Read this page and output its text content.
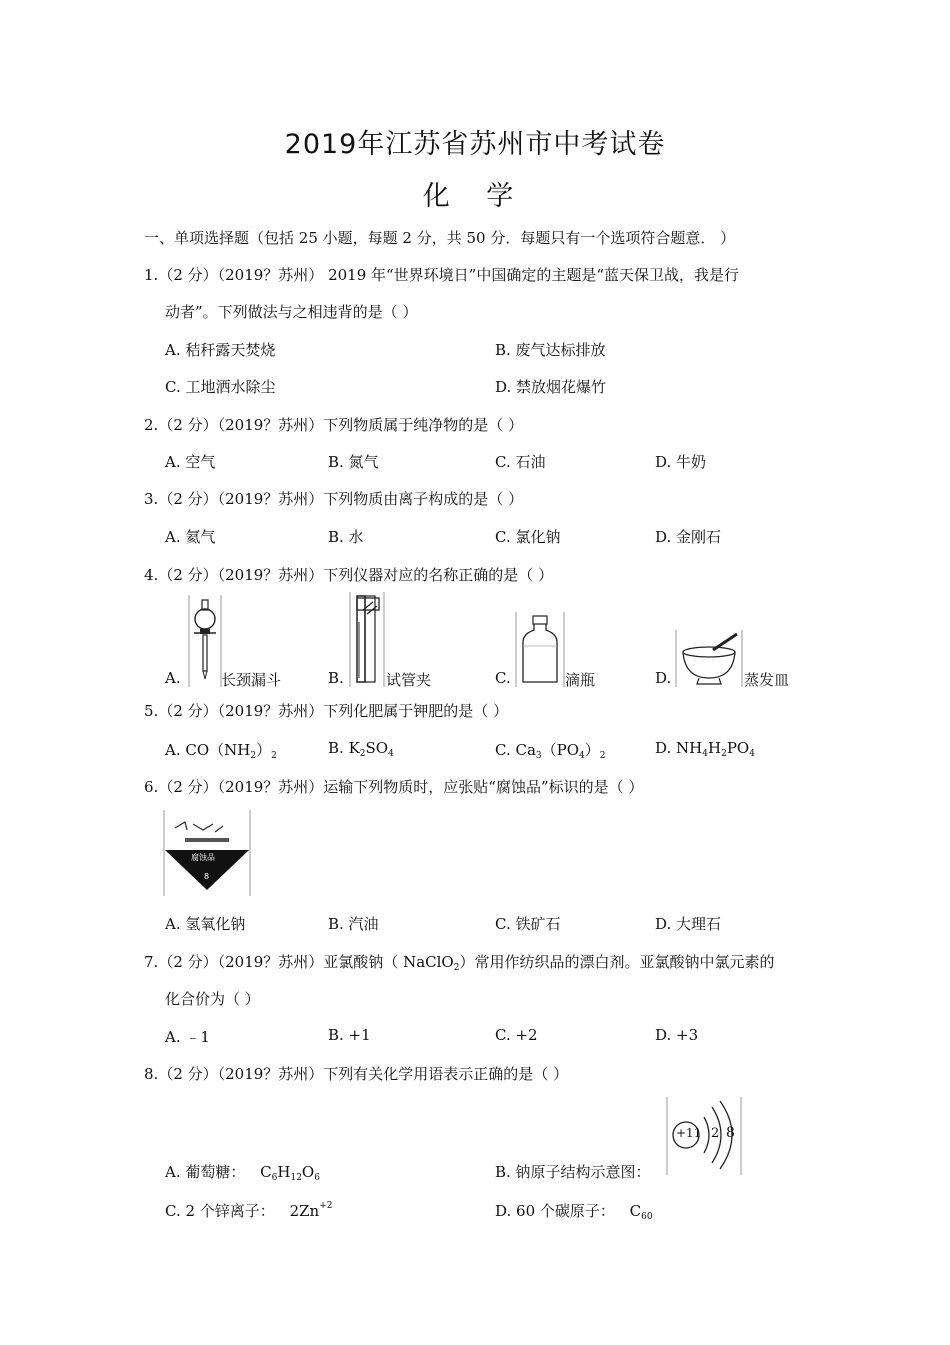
2019年江苏省苏州市中考试卷
化 学
一、单项选择题（包括 25 小题，每题 2 分，共 50 分．每题只有一个选项符合题意． ）
1.（2 分）（2019？苏州） 2019 年“世界环境日”中国确定的主题是“蓝天保卫战，我是行
动者”。下列做法与之相违背的是（ ）
A. 秸秆露天焚烧	B. 废气达标排放
C. 工地洒水除尘	D. 禁放烟花爆竹
2.（2 分）（2019？苏州）下列物质属于纯净物的是（ ）
A. 空气	B. 氮气	C. 石油	D. 牛奶
3.（2 分）（2019？苏州）下列物质由离子构成的是（ ）
A. 氦气	B. 水	C. 氯化钠	D. 金刚石
4.（2 分）（2019？苏州）下列仪器对应的名称正确的是（ ）
A.	长颈漏斗	B.	试管夹	C.	滴瓶	D.	蒸发皿
5.（2 分）（2019？苏州）下列化肥属于钾肥的是（ ）
A. $CO(NH_2)_2$	B. $K_2SO_4$	C. $Ca_3(PO_4)_2$	D. $NH_4H_2PO_4$
6.（2 分）（2019？苏州）运输下列物质时，应张贴“腐蚀品”标识的是（ ）
腐蚀品
8
A. 氢氧化钠	B. 汽油	C. 铁矿石	D. 大理石
7.（2 分）（2019？苏州）亚氯酸钠（ NaClO$_2$）常用作纺织品的漂白剂。亚氯酸钠中氯元素的
化合价为（ ）
A. ﹣1	B. +1	C. +2	D. +3
8.（2 分）（2019？苏州）下列有关化学用语表示正确的是（ ）
+11 2 8
A. 葡萄糖： $C_6H_{12}O_6$	B. 钠原子结构示意图：
C. 2 个锌离子： $2Zn^{+2}$	D. 60 个碳原子： $C_{60}$
